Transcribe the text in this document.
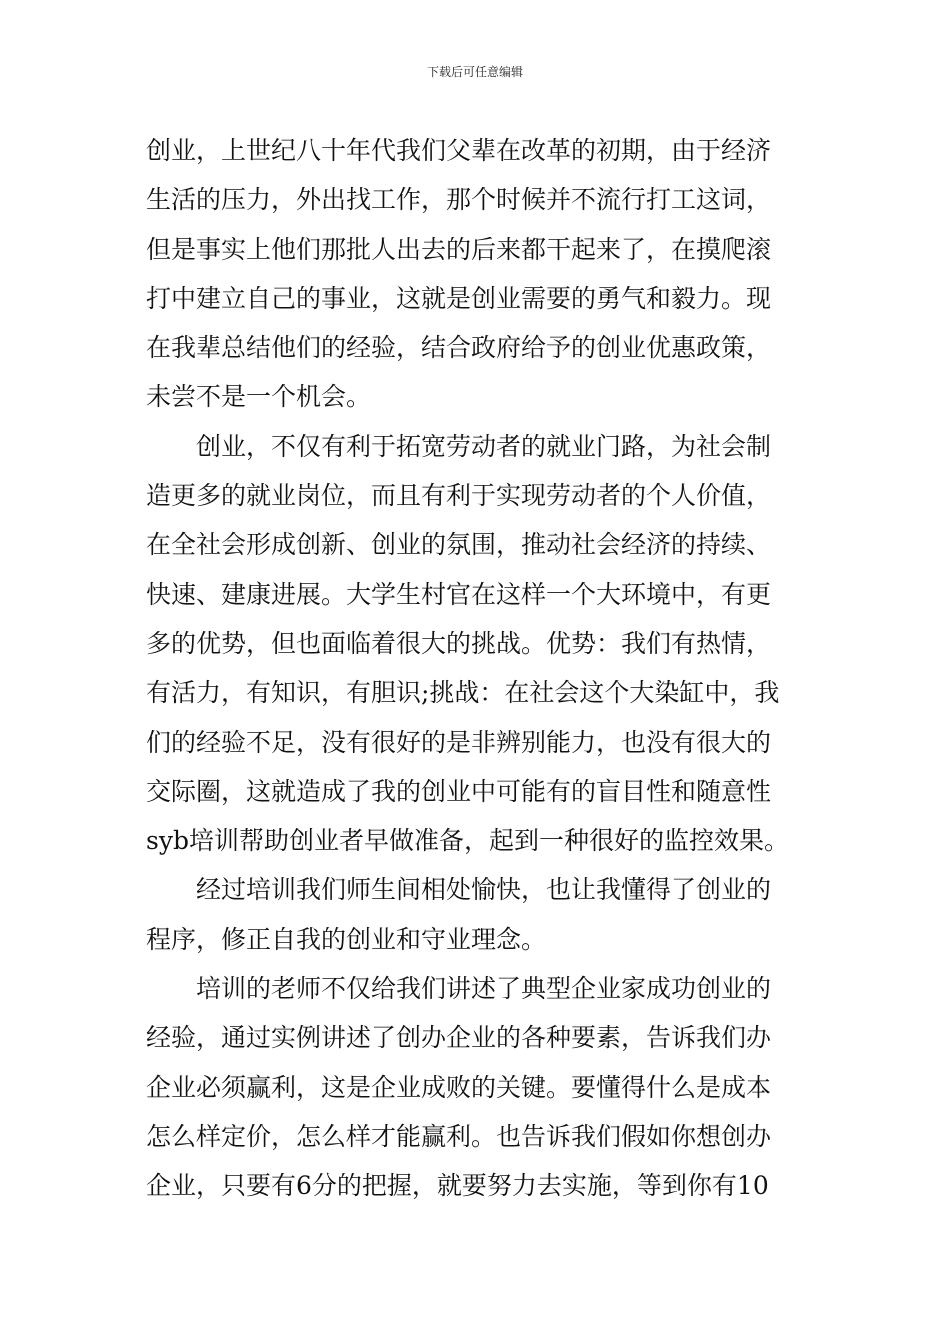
下载后可任意编辑
创业，上世纪八十年代我们父辈在改革的初期，由于经济
生活的压力，外出找工作，那个时候并不流行打工这词，
但是事实上他们那批人出去的后来都干起来了，在摸爬滚
打中建立自己的事业，这就是创业需要的勇气和毅力。现
在我辈总结他们的经验，结合政府给予的创业优惠政策，
未尝不是一个机会。
创业，不仅有利于拓宽劳动者的就业门路，为社会制
造更多的就业岗位，而且有利于实现劳动者的个人价值，
在全社会形成创新、创业的氛围，推动社会经济的持续、
快速、建康进展。大学生村官在这样一个大环境中，有更
多的优势，但也面临着很大的挑战。优势：我们有热情，
有活力，有知识，有胆识;挑战：在社会这个大染缸中，我
们的经验不足，没有很好的是非辨别能力，也没有很大的
交际圈，这就造成了我的创业中可能有的盲目性和随意性
syb培训帮助创业者早做准备，起到一种很好的监控效果。
经过培训我们师生间相处愉快，也让我懂得了创业的
程序，修正自我的创业和守业理念。
培训的老师不仅给我们讲述了典型企业家成功创业的
经验，通过实例讲述了创办企业的各种要素，告诉我们办
企业必须赢利，这是企业成败的关键。要懂得什么是成本
怎么样定价，怎么样才能赢利。也告诉我们假如你想创办
企业，只要有6分的把握，就要努力去实施，等到你有10
